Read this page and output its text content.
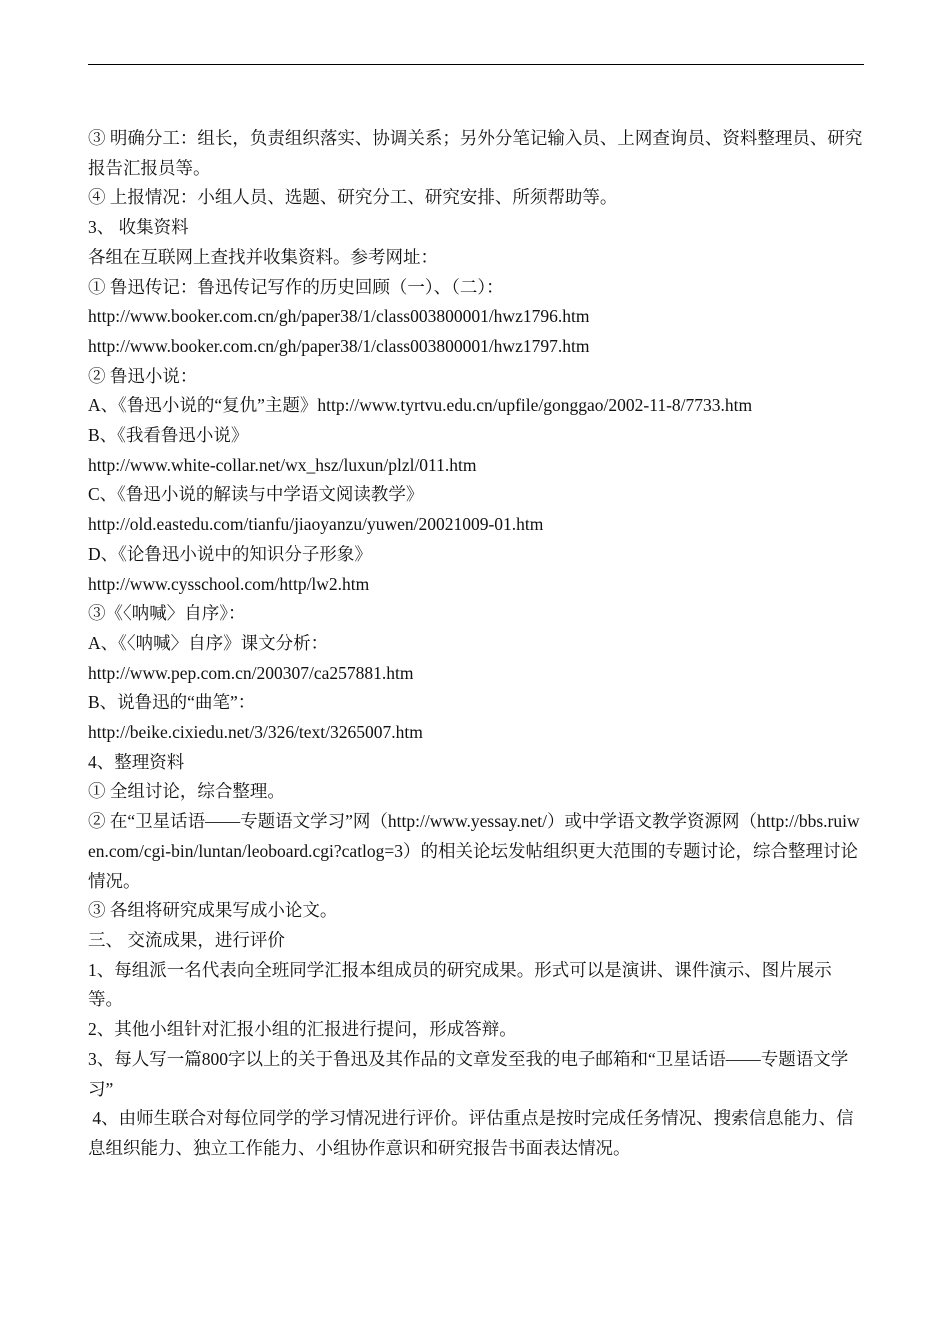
③ 明确分工：组长，负责组织落实、协调关系；另外分笔记输入员、上网查询员、资料整理员、研究报告汇报员等。
④ 上报情况：小组人员、选题、研究分工、研究安排、所须帮助等。
3、 收集资料
各组在互联网上查找并收集资料。参考网址：
① 鲁迅传记：鲁迅传记写作的历史回顾（一）、（二）：
http://www.booker.com.cn/gh/paper38/1/class003800001/hwz1796.htm
http://www.booker.com.cn/gh/paper38/1/class003800001/hwz1797.htm
② 鲁迅小说：
A、《鲁迅小说的“复仇”主题》http://www.tyrtvu.edu.cn/upfile/gonggao/2002-11-8/7733.htm
B、《我看鲁迅小说》
http://www.white-collar.net/wx_hsz/luxun/plzl/011.htm
C、《鲁迅小说的解读与中学语文阅读教学》
http://old.eastedu.com/tianfu/jiaoyanzu/yuwen/20021009-01.htm
D、《论鲁迅小说中的知识分子形象》
http://www.cysschool.com/http/lw2.htm
③《〈呐喊〉自序》：
A、《〈呐喊〉自序》课文分析：
http://www.pep.com.cn/200307/ca257881.htm
B、说鲁迅的“曲笔”：
http://beike.cixiedu.net/3/326/text/3265007.htm
4、整理资料
① 全组讨论，综合整理。
② 在“卫星话语——专题语文学习”网（http://www.yessay.net/）或中学语文教学资源网（http://bbs.ruiwen.com/cgi-bin/luntan/leoboard.cgi?catlog=3）的相关论坛发帖组织更大范围的专题讨论，综合整理讨论情况。
③ 各组将研究成果写成小论文。
三、 交流成果，进行评价
1、每组派一名代表向全班同学汇报本组成员的研究成果。形式可以是演讲、课件演示、图片展示等。
2、其他小组针对汇报小组的汇报进行提问，形成答辩。
3、每人写一篇800字以上的关于鲁迅及其作品的文章发至我的电子邮箱和“卫星话语——专题语文学习”
4、由师生联合对每位同学的学习情况进行评价。评估重点是按时完成任务情况、搜索信息能力、信息组织能力、独立工作能力、小组协作意识和研究报告书面表达情况。
